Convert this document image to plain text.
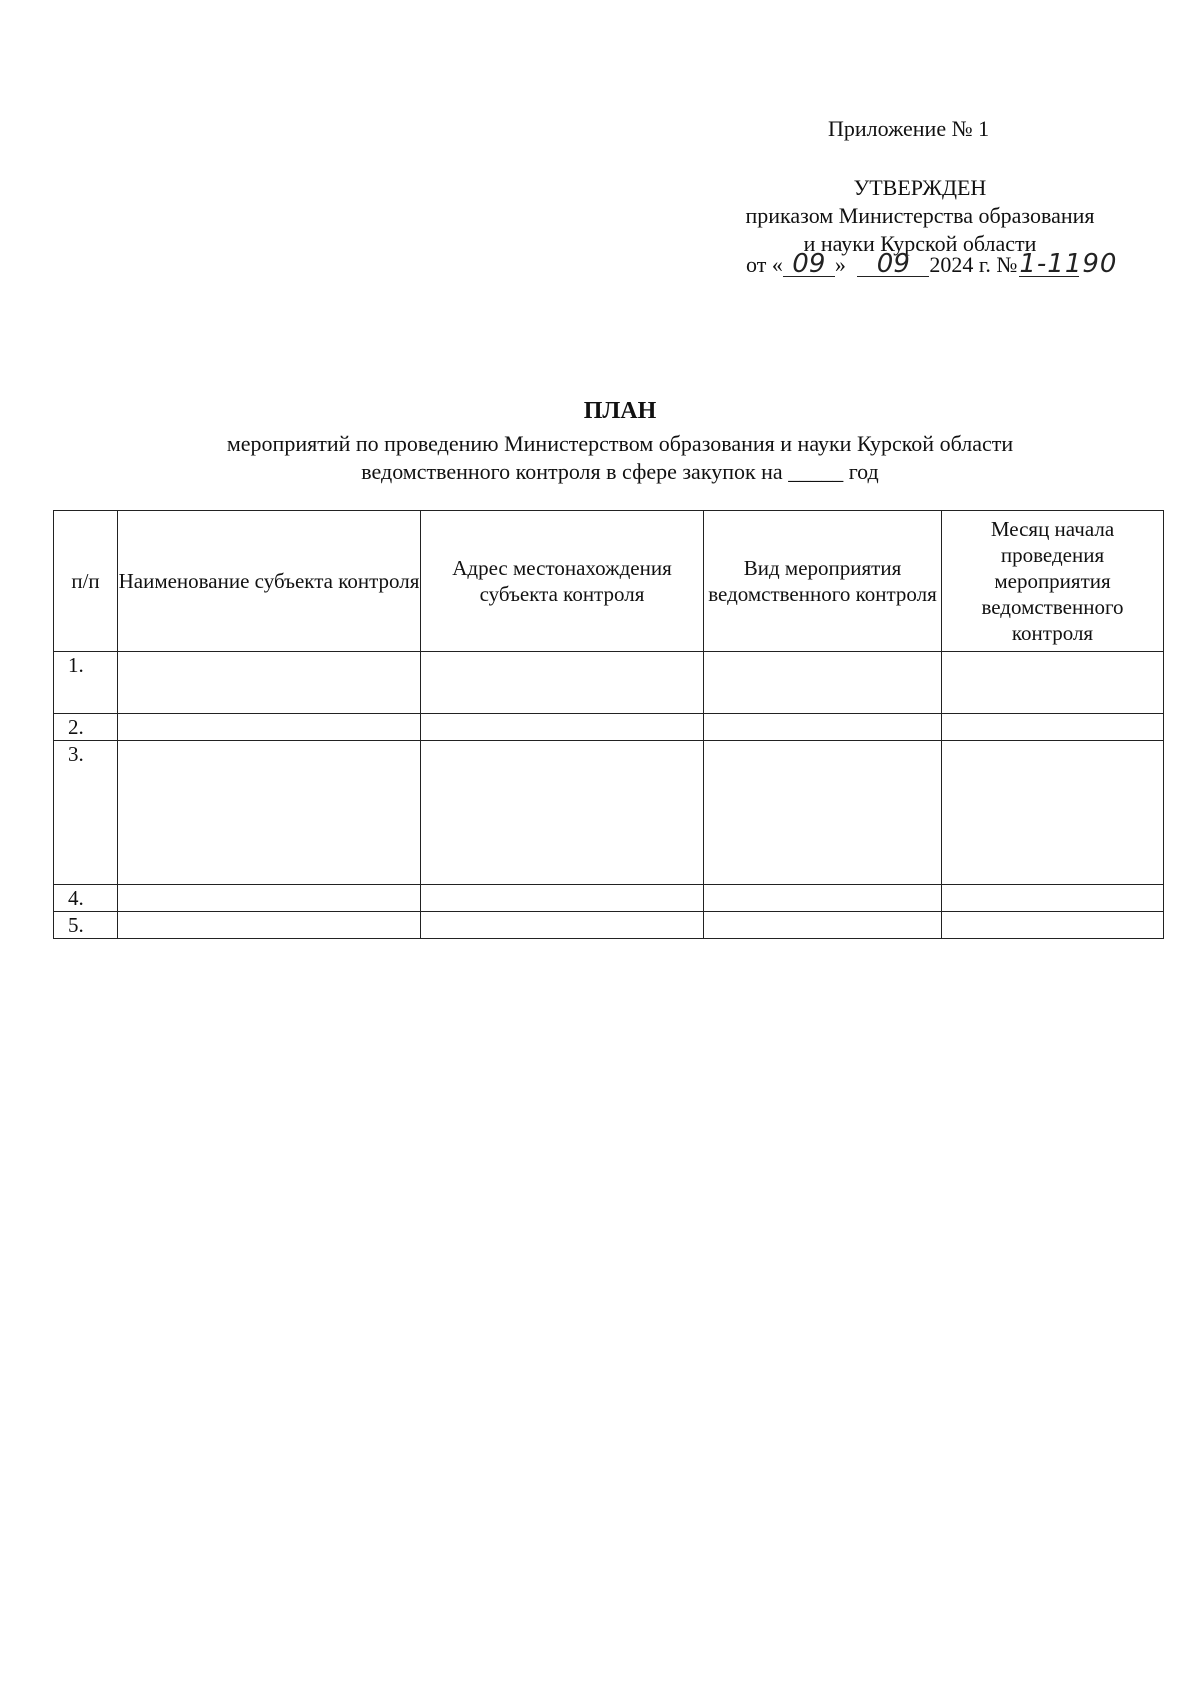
Приложение № 1
УТВЕРЖДЕН
приказом Министерства образования
и науки Курской области
от « 09 » 09 2024 г. №1-1190
ПЛАН
мероприятий по проведению Министерством образования и науки Курской области
ведомственного контроля в сфере закупок на _____ год
п/п	Наименование субъекта контроля	Адрес местонахождения субъекта контроля	Вид мероприятия ведомственного контроля	Месяц начала проведения мероприятия ведомственного контроля
1.				
2.				
3.				
4.				
5.				
